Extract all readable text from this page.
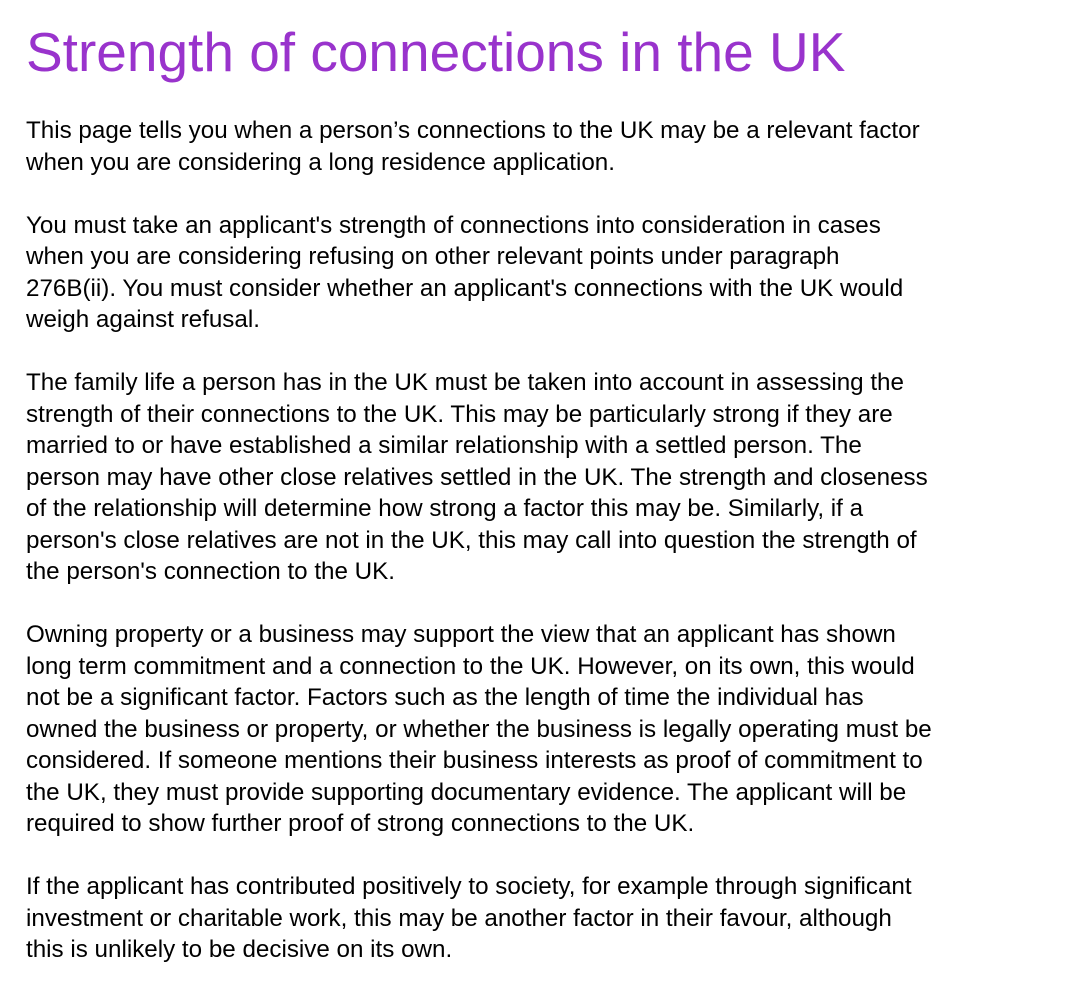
Strength of connections in the UK

This page tells you when a person’s connections to the UK may be a relevant factor
when you are considering a long residence application.

You must take an applicant's strength of connections into consideration in cases
when you are considering refusing on other relevant points under paragraph
276B(ii). You must consider whether an applicant's connections with the UK would
weigh against refusal.

The family life a person has in the UK must be taken into account in assessing the
strength of their connections to the UK. This may be particularly strong if they are
married to or have established a similar relationship with a settled person. The
person may have other close relatives settled in the UK. The strength and closeness
of the relationship will determine how strong a factor this may be. Similarly, if a
person's close relatives are not in the UK, this may call into question the strength of
the person's connection to the UK.

Owning property or a business may support the view that an applicant has shown
long term commitment and a connection to the UK. However, on its own, this would
not be a significant factor. Factors such as the length of time the individual has
owned the business or property, or whether the business is legally operating must be
considered. If someone mentions their business interests as proof of commitment to
the UK, they must provide supporting documentary evidence. The applicant will be
required to show further proof of strong connections to the UK.

If the applicant has contributed positively to society, for example through significant
investment or charitable work, this may be another factor in their favour, although
this is unlikely to be decisive on its own.
